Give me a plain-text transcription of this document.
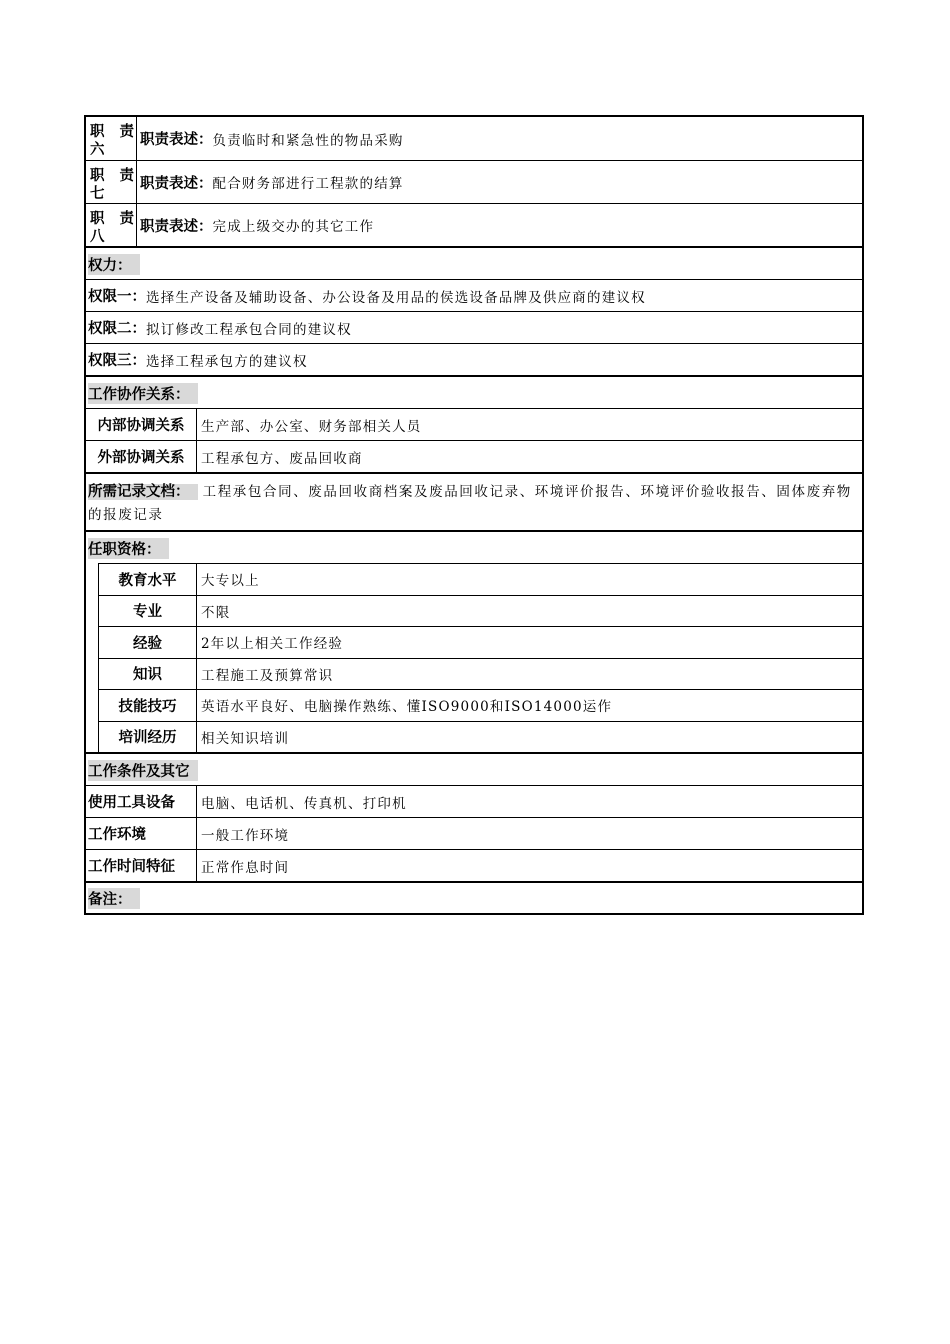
职 责
六
职责表述： 负责临时和紧急性的物品采购
职 责
七
职责表述： 配合财务部进行工程款的结算
职 责
八
职责表述： 完成上级交办的其它工作
权力：
权限一： 选择生产设备及辅助设备、办公设备及用品的侯选设备品牌及供应商的建议权
权限二： 拟订修改工程承包合同的建议权
权限三： 选择工程承包方的建议权
工作协作关系：
内部协调关系	生产部、办公室、财务部相关人员
外部协调关系	工程承包方、废品回收商
所需记录文档： 工程承包合同、废品回收商档案及废品回收记录、环境评价报告、环境评价验收报告、固体废弃物的报废记录
任职资格：
教育水平	大专以上
专业	不限
经验	2年以上相关工作经验
知识	工程施工及预算常识
技能技巧	英语水平良好、电脑操作熟练、懂ISO9000和ISO14000运作
培训经历	相关知识培训
工作条件及其它
使用工具设备	电脑、电话机、传真机、打印机
工作环境	一般工作环境
工作时间特征	正常作息时间
备注：
